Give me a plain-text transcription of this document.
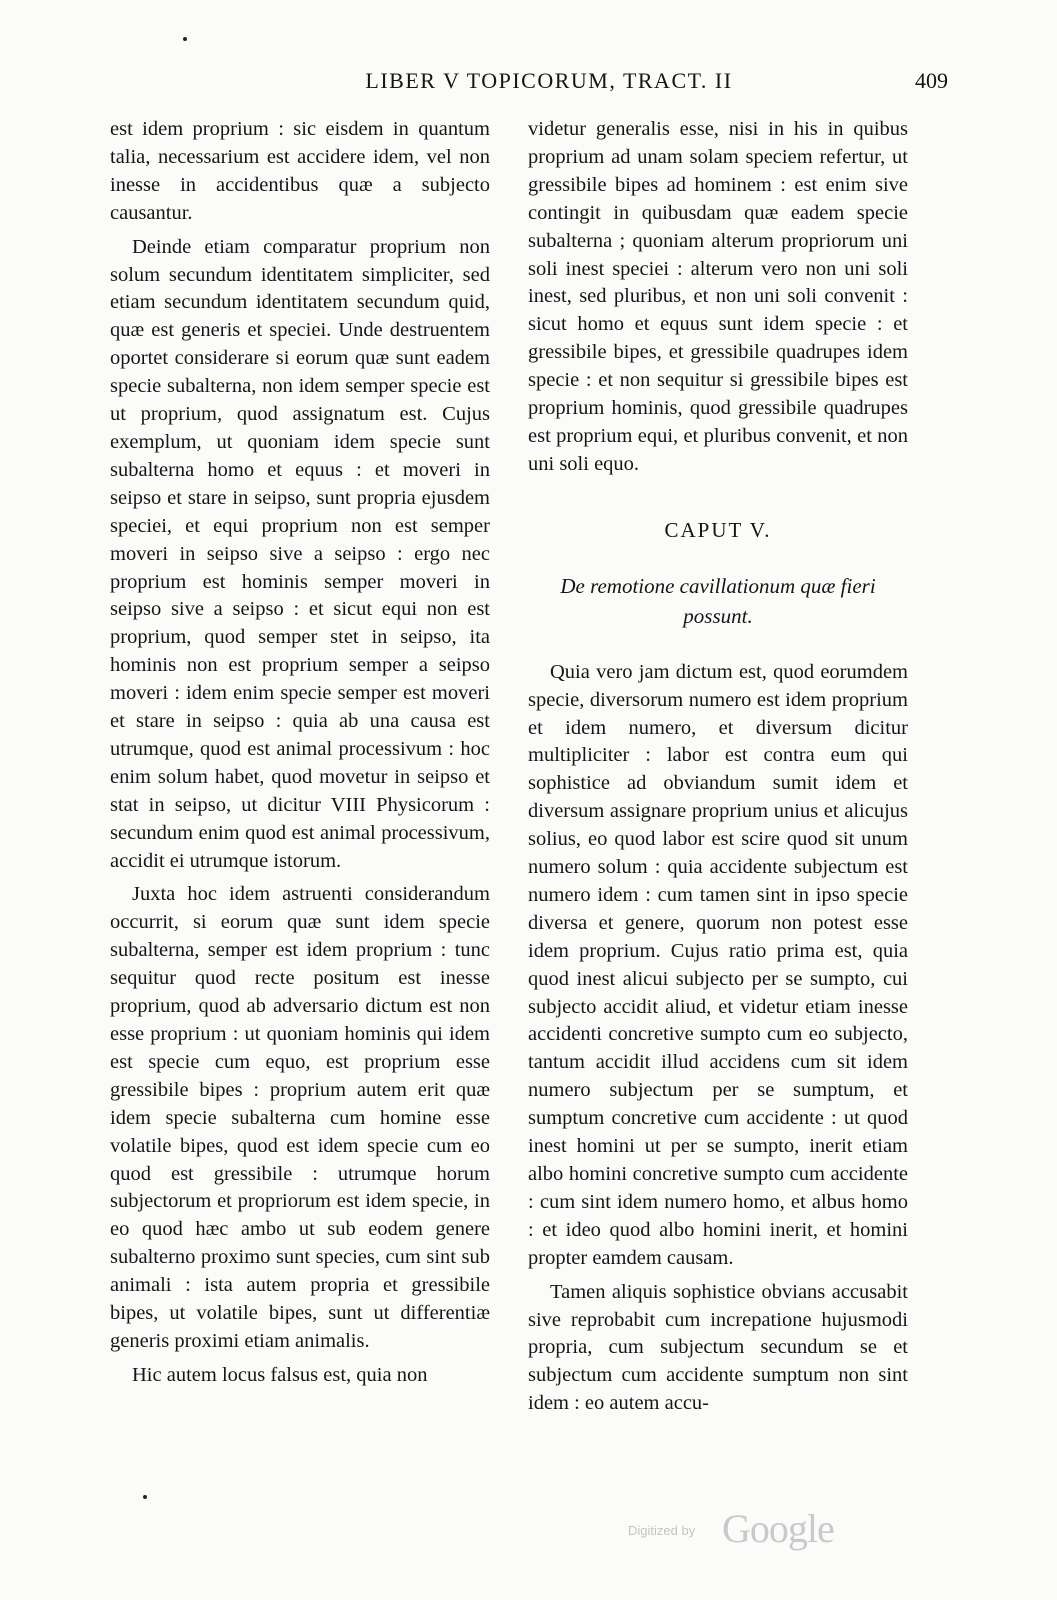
LIBER V TOPICORUM, TRACT. II	409

est idem proprium : sic eisdem in quantum talia, necessarium est accidere idem, vel non inesse in accidentibus quæ a subjecto causantur.

Deinde etiam comparatur proprium non solum secundum identitatem simpliciter, sed etiam secundum identitatem secundum quid, quæ est generis et speciei. Unde destruentem oportet considerare si eorum quæ sunt eadem specie subalterna, non idem semper specie est ut proprium, quod assignatum est. Cujus exemplum, ut quoniam idem specie sunt subalterna homo et equus : et moveri in seipso et stare in seipso, sunt propria ejusdem speciei, et equi proprium non est semper moveri in seipso sive a seipso : ergo nec proprium est hominis semper moveri in seipso sive a seipso : et sicut equi non est proprium, quod semper stet in seipso, ita hominis non est proprium semper a seipso moveri : idem enim specie semper est moveri et stare in seipso : quia ab una causa est utrumque, quod est animal processivum : hoc enim solum habet, quod movetur in seipso et stat in seipso, ut dicitur VIII Physicorum : secundum enim quod est animal processivum, accidit ei utrumque istorum.

Juxta hoc idem astruenti considerandum occurrit, si eorum quæ sunt idem specie subalterna, semper est idem proprium : tunc sequitur quod recte positum est inesse proprium, quod ab adversario dictum est non esse proprium : ut quoniam hominis qui idem est specie cum equo, est proprium esse gressibile bipes : proprium autem erit quæ idem specie subalterna cum homine esse volatile bipes, quod est idem specie cum eo quod est gressibile : utrumque horum subjectorum et propriorum est idem specie, in eo quod hæc ambo ut sub eodem genere subalterno proximo sunt species, cum sint sub animali : ista autem propria et gressibile bipes, ut volatile bipes, sunt ut differentiæ generis proximi etiam animalis.

Hic autem locus falsus est, quia non

videtur generalis esse, nisi in his in quibus proprium ad unam solam speciem refertur, ut gressibile bipes ad hominem : est enim sive contingit in quibusdam quæ eadem specie subalterna ; quoniam alterum propriorum uni soli inest speciei : alterum vero non uni soli inest, sed pluribus, et non uni soli convenit : sicut homo et equus sunt idem specie : et gressibile bipes, et gressibile quadrupes idem specie : et non sequitur si gressibile bipes est proprium hominis, quod gressibile quadrupes est proprium equi, et pluribus convenit, et non uni soli equo.

CAPUT V.
De remotione cavillationum quæ fieri possunt.

Quia vero jam dictum est, quod eorumdem specie, diversorum numero est idem proprium et idem numero, et diversum dicitur multipliciter : labor est contra eum qui sophistice ad obviandum sumit idem et diversum assignare proprium unius et alicujus solius, eo quod labor est scire quod sit unum numero solum : quia accidente subjectum est numero idem : cum tamen sint in ipso specie diversa et genere, quorum non potest esse idem proprium. Cujus ratio prima est, quia quod inest alicui subjecto per se sumpto, cui subjecto accidit aliud, et videtur etiam inesse accidenti concretive sumpto cum eo subjecto, tantum accidit illud accidens cum sit idem numero subjectum per se sumptum, et sumptum concretive cum accidente : ut quod inest homini ut per se sumpto, inerit etiam albo homini concretive sumpto cum accidente : cum sint idem numero homo, et albus homo : et ideo quod albo homini inerit, et homini propter eamdem causam.

Tamen aliquis sophistice obvians accusabit sive reprobabit cum increpatione hujusmodi propria, cum subjectum secundum se et subjectum cum accidente sumptum non sint idem : eo autem accu-

Digitized by Google
